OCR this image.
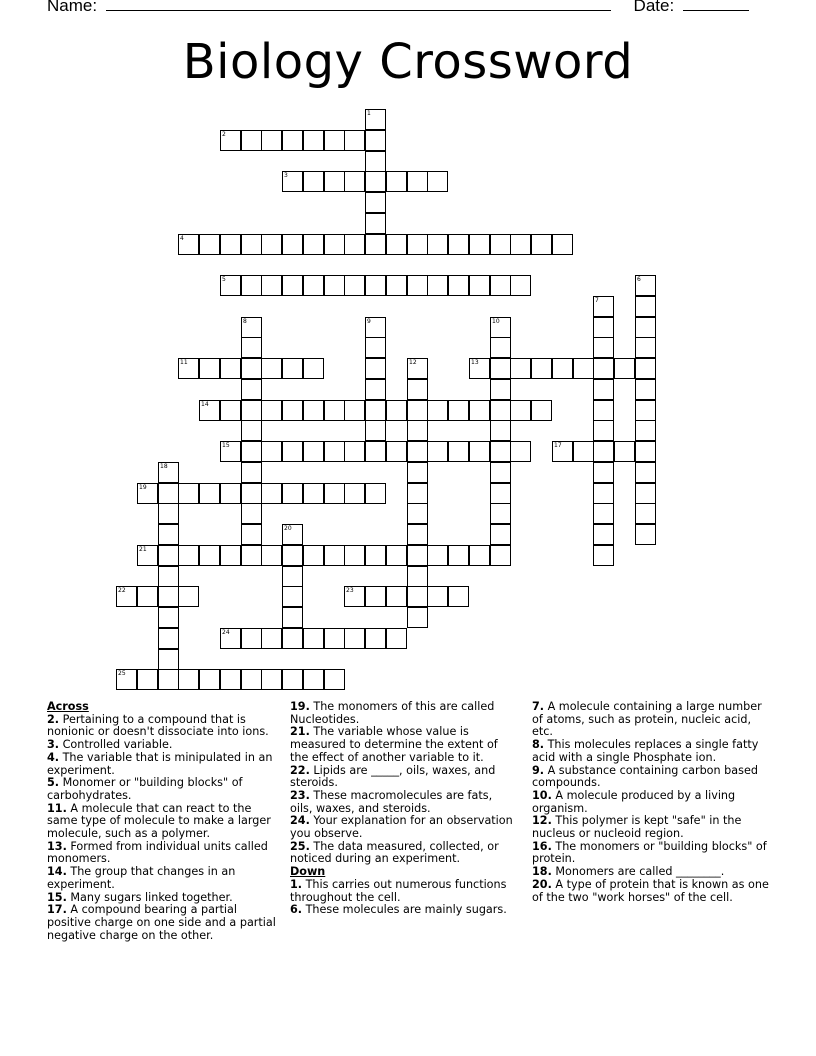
Name:	Date:
Biology Crossword
1
2
3
4
5	6
7
8	9	10
11	12	13
14
15	17
18
19
20
21
22	23
24
25
Across
2. Pertaining to a compound that is nonionic or doesn't dissociate into ions.
3. Controlled variable.
4. The variable that is minipulated in an experiment.
5. Monomer or "building blocks" of carbohydrates.
11. A molecule that can react to the same type of molecule to make a larger molecule, such as a polymer.
13. Formed from individual units called monomers.
14. The group that changes in an experiment.
15. Many sugars linked together.
17. A compound bearing a partial positive charge on one side and a partial negative charge on the other.
19. The monomers of this are called Nucleotides.
21. The variable whose value is measured to determine the extent of the effect of another variable to it.
22. Lipids are _____, oils, waxes, and steroids.
23. These macromolecules are fats, oils, waxes, and steroids.
24. Your explanation for an observation you observe.
25. The data measured, collected, or noticed during an experiment.
Down
1. This carries out numerous functions throughout the cell.
6. These molecules are mainly sugars.
7. A molecule containing a large number of atoms, such as protein, nucleic acid, etc.
8. This molecules replaces a single fatty acid with a single Phosphate ion.
9. A substance containing carbon based compounds.
10. A molecule produced by a living organism.
12. This polymer is kept "safe" in the nucleus or nucleoid region.
16. The monomers or "building blocks" of protein.
18. Monomers are called ________.
20. A type of protein that is known as one of the two "work horses" of the cell.
